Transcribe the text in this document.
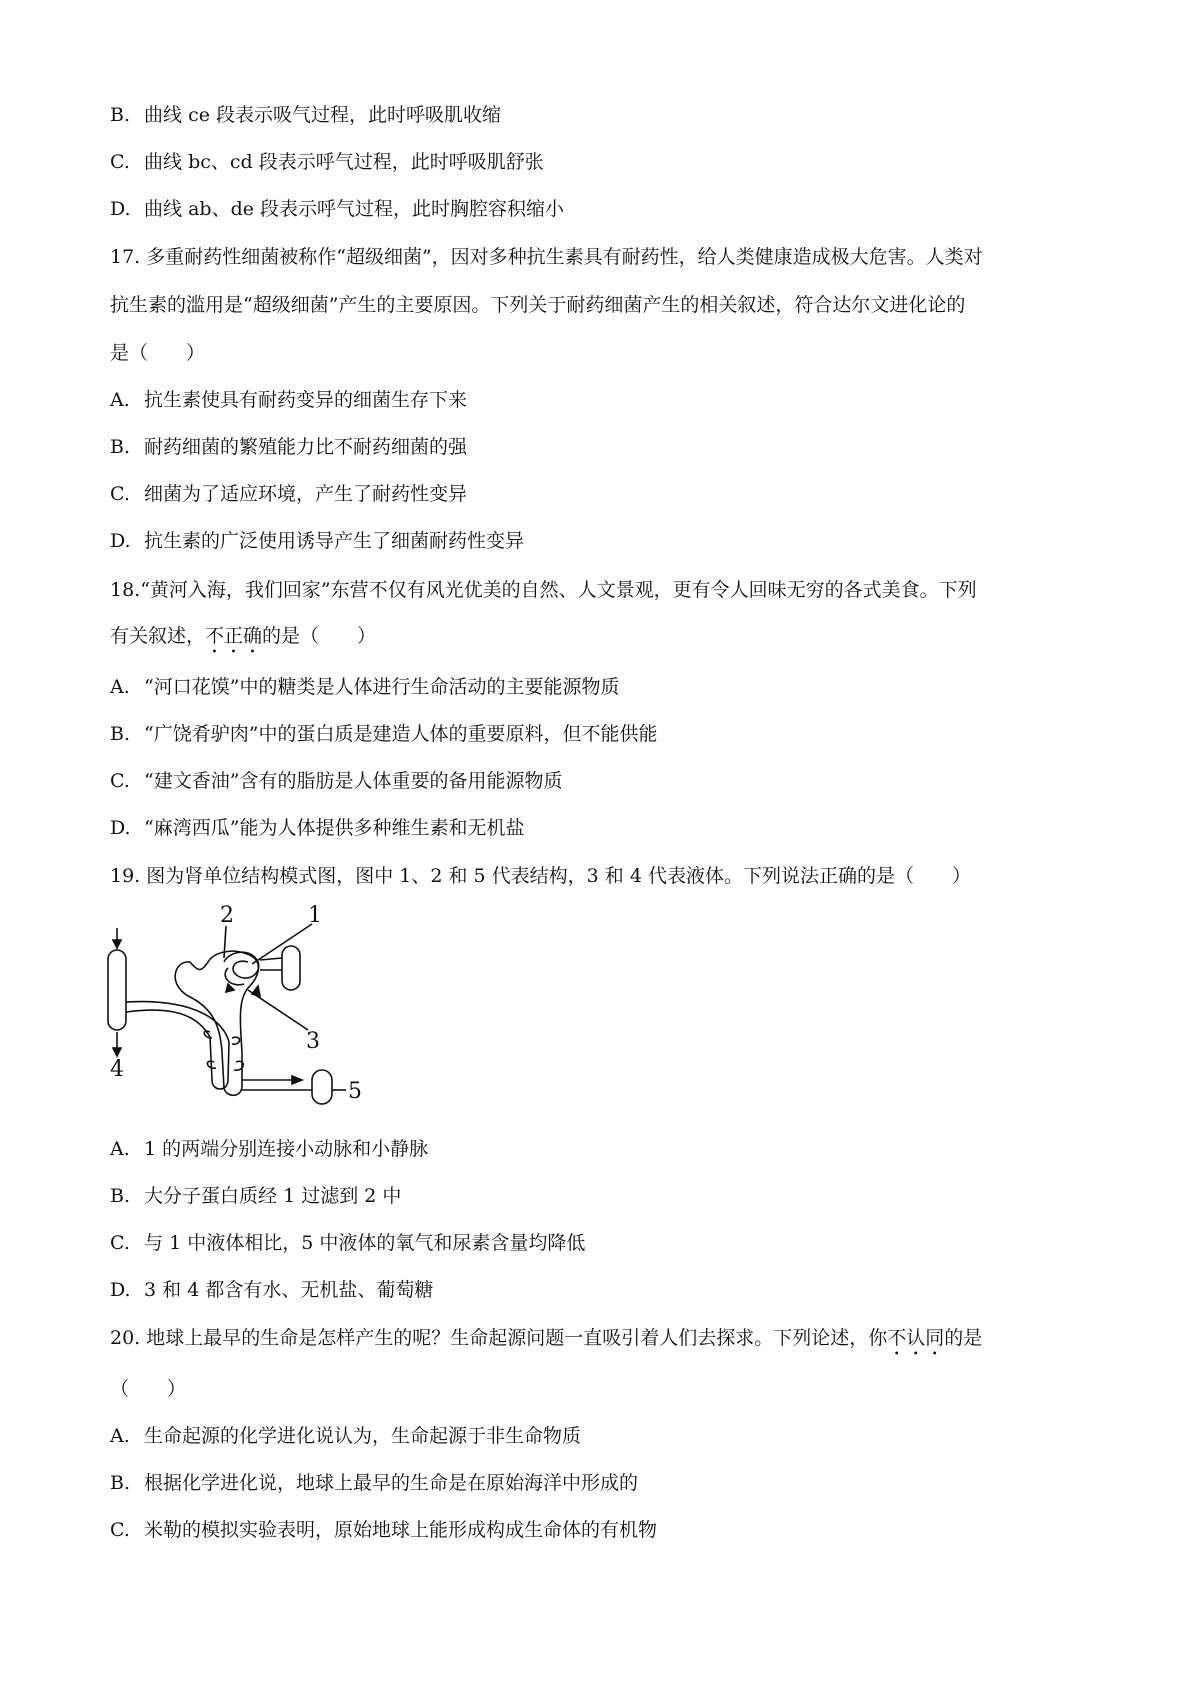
B. 曲线 ce 段表示吸气过程，此时呼吸肌收缩
C. 曲线 bc、cd 段表示呼气过程，此时呼吸肌舒张
D. 曲线 ab、de 段表示呼气过程，此时胸腔容积缩小
17. 多重耐药性细菌被称作“超级细菌”，因对多种抗生素具有耐药性，给人类健康造成极大危害。人类对
抗生素的滥用是“超级细菌”产生的主要原因。下列关于耐药细菌产生的相关叙述，符合达尔文进化论的
是（　　）
A. 抗生素使具有耐药变异的细菌生存下来
B. 耐药细菌的繁殖能力比不耐药细菌的强
C. 细菌为了适应环境，产生了耐药性变异
D. 抗生素的广泛使用诱导产生了细菌耐药性变异
18.“黄河入海，我们回家”东营不仅有风光优美的自然、人文景观，更有令人回味无穷的各式美食。下列
有关叙述，不正确的是（　　）
A. “河口花馍”中的糖类是人体进行生命活动的主要能源物质
B. “广饶肴驴肉”中的蛋白质是建造人体的重要原料，但不能供能
C. “建文香油”含有的脂肪是人体重要的备用能源物质
D. “麻湾西瓜”能为人体提供多种维生素和无机盐
19. 图为肾单位结构模式图，图中 1、2 和 5 代表结构，3 和 4 代表液体。下列说法正确的是（　　）
2	1
3
4
5
A. 1 的两端分别连接小动脉和小静脉
B. 大分子蛋白质经 1 过滤到 2 中
C. 与 1 中液体相比，5 中液体的氧气和尿素含量均降低
D. 3 和 4 都含有水、无机盐、葡萄糖
20. 地球上最早的生命是怎样产生的呢？生命起源问题一直吸引着人们去探求。下列论述，你不认同的是
（　　）
A. 生命起源的化学进化说认为，生命起源于非生命物质
B. 根据化学进化说，地球上最早的生命是在原始海洋中形成的
C. 米勒的模拟实验表明，原始地球上能形成构成生命体的有机物
